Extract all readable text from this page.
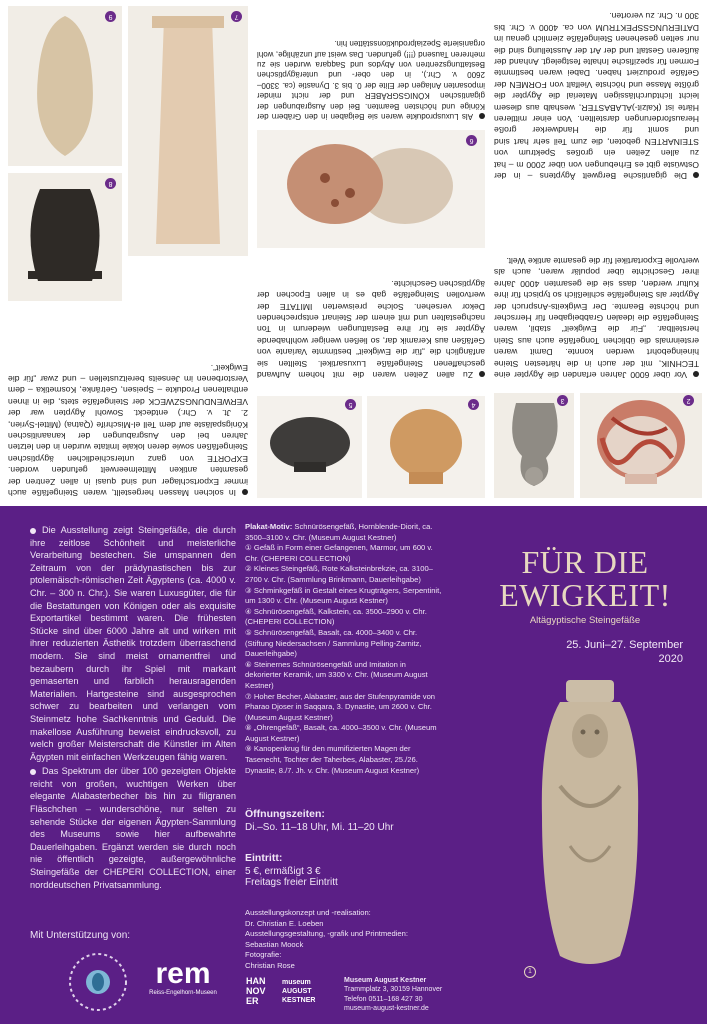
2
3

Vor über 6000 Jahren erfanden die Ägypter eine TECHNIK, mit der auch in die härtesten Steine hineingebohrt werden konnte. Damit waren ersteinmals die üblichen Tongefäße auch aus Stein herstellbar. „Für die Ewigkeit“ stabil, waren Steingefäße die idealen Grabbeigaben für Herrscher und höchste Beamte. Der Ewigkeits-Anspruch der Ägypter als Steingefäße schließlich so typisch für ihre Kultur werden, dass sie die gesamten 4000 Jahre ihrer Geschichte über populär waren, auch als wertvolle Exportartikel für die gesamte antike Welt.

4
5

Zu allen Zeiten waren die mit hohem Aufwand geschaffenen Steingefäße Luxusartikel. Stellten sie anfänglich die „für die Ewigkeit“ bestimmte Variante von Gefäßen aus Keramik dar, so ließen weniger wohlhabende Ägypter sie für ihre Bestattungen wiederum in Ton nachgestalten und mit einem der Steinart entsprechenden Dekor versehen. Solche preiswerten IMITATE der wertvollen Steingefäße gab es in allen Epochen der ägyptischen Geschichte.

6

In solchen Massen hergestellt, waren Steingefäße auch immer Exportschlager und sind quasi in allen Zentren der gesamten antiken Mittelmeerwelt gefunden worden. EXPORTE von ganz unterschiedlichen ägyptischen Steingefäßen sowie deren lokale Imitate wurden in den letzten Jahren bei den Ausgrabungen der kanaanitischen Königspaläste auf dem Tell el-Mischrife (Qatna) (Mittel-Syrien, 2. Jt. v. Chr.) entdeckt. Sowohl Ägypten war der VERWENDUNGSZWECK der Steingefäße stets, die in ihnen enthaltenen Produkte – Speisen, Getränke, Kosmetika – dem Verstorbenen im Jenseits bereitzustellen – und zwar „für die Ewigkeit“.

8
7
9

Die gigantische Bergwelt Ägyptens – in der Ostwüste gibt es Erhebungen von über 2000 m – hat zu allen Zeiten ein großes Spektrum von STEINARTEN geboten, die zum Teil sehr hart sind und somit für die Handwerker große Herausforderungen darstellten. Von einer mittleren Härte ist (Kalzit-)ALABASTER, weshalb aus diesem leicht lichtdurchlässigen Material die Ägypter die größte Masse und höchste Vielfalt von FORMEN der Gefäße produziert haben. Dabei waren bestimmte Formen für spezifische Inhalte festgelegt. Anhand der äußeren Gestalt und der Art der Ausstellung sind die nur selten gesehenen Steingefäße ziemlich genau im DATIERUNGSSPEKTRUM von ca. 4000 v. Chr. bis 300 n. Chr. zu verorten.

Als Luxusprodukte waren sie Beigaben in den Gräbern der Könige und höchsten Beamten. Bei den Ausgrabungen der gigantischen KÖNIGSGRÄBER und der nicht minder imposanten Anlagen der Elite der 0. bis 3. Dynastie (ca. 3300–2600 v. Chr.), in den ober- und unterägyptischen Bestattungszentren von Abydos und Saqqara wurden sie zu mehreren Tausend (!!!) gefunden. Das weist auf unzählige, wohl organisierte Spezialproduktionsstätten hin.

Die Ausstellung zeigt Steingefäße, die durch ihre zeitlose Schönheit und meisterliche Verarbeitung bestechen. Sie umspannen den Zeitraum von der prädynastischen bis zur ptolemäisch-römischen Zeit Ägyptens (ca. 4000 v. Chr. – 300 n. Chr.). Sie waren Luxusgüter, die für die Bestattungen von Königen oder als exquisite Exportartikel bestimmt waren. Die frühesten Stücke sind über 6000 Jahre alt und wirken mit ihrer reduzierten Ästhetik trotzdem überraschend modern. Sie sind meist ornamentfrei und bezaubern durch ihr Spiel mit markant gemaserten und farblich herausragenden Materialien. Hartgesteine sind ausgesprochen schwer zu bearbeiten und verlangen vom Steinmetz hohe Sachkenntnis und Geduld. Die makellose Ausführung beweist eindrucksvoll, zu welch großer Meisterschaft die Künstler im Alten Ägypten mit einfachen Werkzeugen fähig waren.

Das Spektrum der über 100 gezeigten Objekte reicht von großen, wuchtigen Werken über elegante Alabasterbecher bis hin zu filigranen Fläschchen – wunderschöne, nur selten zu sehende Stücke der eigenen Ägypten-Sammlung des Museums sowie hier aufbewahrte Dauerleihgaben. Ergänzt werden sie durch noch nie öffentlich gezeigte, außergewöhnliche Steingefäße der CHEPERI COLLECTION, einer norddeutschen Privatsammlung.

Mit Unterstützung von:
rem
Reiss-Engelhorn-Museen
Plakat-Motiv: Schnürösengefäß, Hornblende-Diorit, ca. 3500–3100 v. Chr. (Museum August Kestner)
① Gefäß in Form einer Gefangenen, Marmor, um 600 v. Chr. (CHEPERI COLLECTION)
② Kleines Steingefäß, Rote Kalksteinbrekzie, ca. 3100–2700 v. Chr. (Sammlung Brinkmann, Dauerleihgabe)
③ Schminkgefäß in Gestalt eines Krugträgers, Serpentinit, um 1300 v. Chr. (Museum August Kestner)
④ Schnürösengefäß, Kalkstein, ca. 3500–2900 v. Chr. (CHEPERI COLLECTION)
⑤ Schnürösengefäß, Basalt, ca. 4000–3400 v. Chr. (Stiftung Niedersachsen / Sammlung Pelling-Zarnitz, Dauerleihgabe)
⑥ Steinernes Schnürösengefäß und Imitation in dekorierter Keramik, um 3300 v. Chr. (Museum August Kestner)
⑦ Hoher Becher, Alabaster, aus der Stufenpyramide von Pharao Djoser in Saqqara, 3. Dynastie, um 2600 v. Chr. (Museum August Kestner)
⑧ „Ohrengefäß“, Basalt, ca. 4000–3500 v. Chr. (Museum August Kestner)
⑨ Kanopenkrug für den mumifizierten Magen der Tasenecht, Tochter der Taherbes, Alabaster, 25./26. Dynastie, 8./7. Jh. v. Chr. (Museum August Kestner)
Öffnungszeiten:
Di.–So. 11–18 Uhr, Mi. 11–20 Uhr
Eintritt:
5 €, ermäßigt 3 €
Freitags freier Eintritt
Ausstellungskonzept und -realisation:
Dr. Christian E. Loeben
Ausstellungsgestaltung, -grafik und Printmedien:
Sebastian Moock
Fotografie:
Christian Rose
HAN NOV ER
museum AUGUST KESTNER
Museum August Kestner
Trammplatz 3, 30159 Hannover
Telefon 0511–168 427 30
museum-august-kestner.de
FÜR DIE
EWIGKEIT!
Altägyptische Steingefäße
25. Juni–27. September
2020
1
